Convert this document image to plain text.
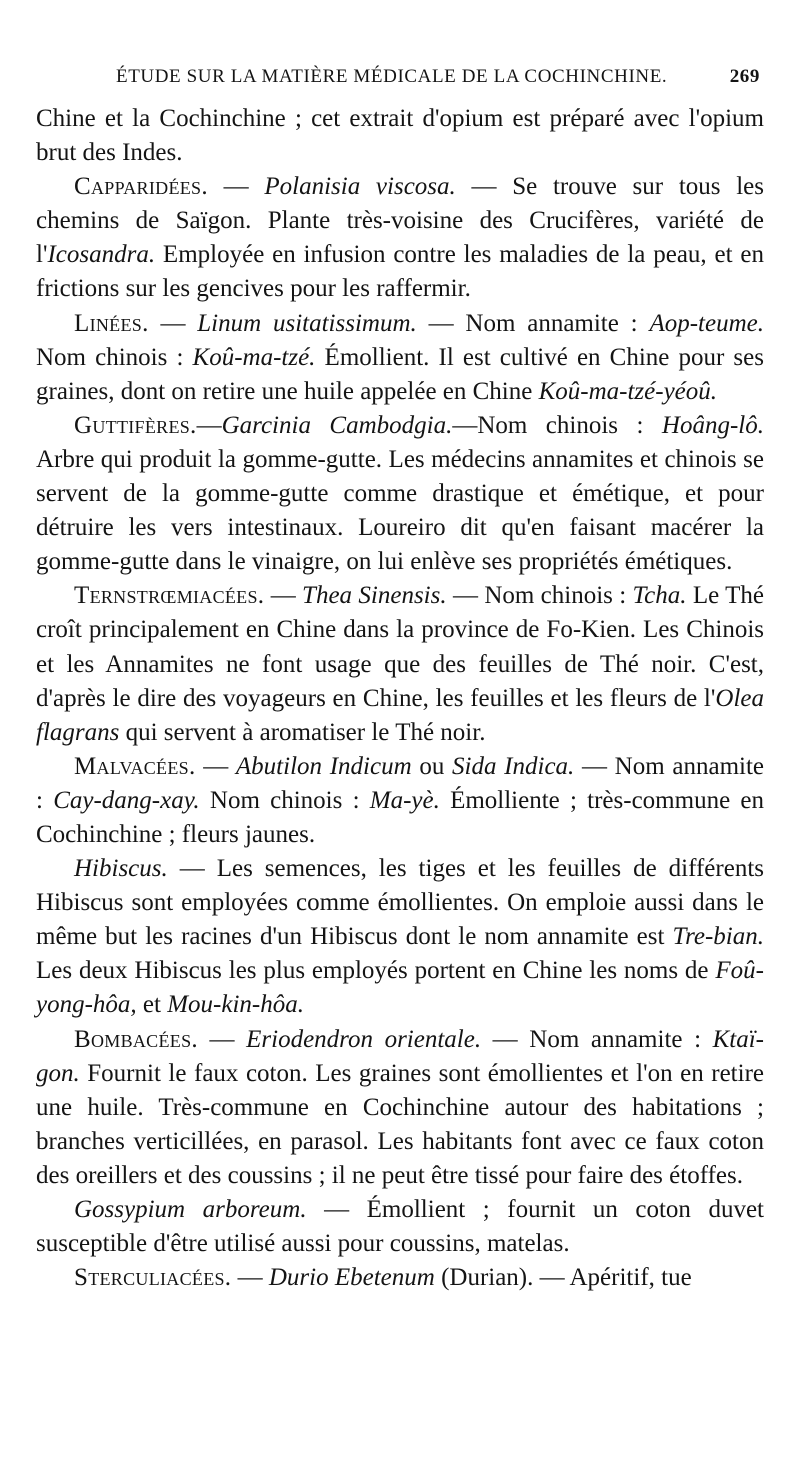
ÉTUDE SUR LA MATIÈRE MÉDICALE DE LA COCHINCHINE.	269

Chine et la Cochinchine ; cet extrait d'opium est préparé avec l'opium brut des Indes.

Capparidées. — Polanisia viscosa. — Se trouve sur tous les chemins de Saïgon. Plante très-voisine des Crucifères, variété de l'Icosandra. Employée en infusion contre les maladies de la peau, et en frictions sur les gencives pour les raffermir.

Linées. — Linum usitatissimum. — Nom annamite : Aop-teume. Nom chinois : Koû-ma-tzé. Émollient. Il est cultivé en Chine pour ses graines, dont on retire une huile appelée en Chine Koû-ma-tzé-yéoû.

Guttifères.—Garcinia Cambodgia.—Nom chinois : Hoâng-lô. Arbre qui produit la gomme-gutte. Les médecins annamites et chinois se servent de la gomme-gutte comme drastique et émétique, et pour détruire les vers intestinaux. Loureiro dit qu'en faisant macérer la gomme-gutte dans le vinaigre, on lui enlève ses propriétés émétiques.

Ternstrœmiacées. — Thea Sinensis. — Nom chinois : Tcha. Le Thé croît principalement en Chine dans la province de Fo-Kien. Les Chinois et les Annamites ne font usage que des feuilles de Thé noir. C'est, d'après le dire des voyageurs en Chine, les feuilles et les fleurs de l'Olea flagrans qui servent à aromatiser le Thé noir.

Malvacées. — Abutilon Indicum ou Sida Indica. — Nom annamite : Cay-dang-xay. Nom chinois : Ma-yè. Émolliente ; très-commune en Cochinchine ; fleurs jaunes.

Hibiscus. — Les semences, les tiges et les feuilles de différents Hibiscus sont employées comme émollientes. On emploie aussi dans le même but les racines d'un Hibiscus dont le nom annamite est Tre-bian. Les deux Hibiscus les plus employés portent en Chine les noms de Foû-yong-hôa, et Mou-kin-hôa.

Bombacées. — Eriodendron orientale. — Nom annamite : Ktaï-gon. Fournit le faux coton. Les graines sont émollientes et l'on en retire une huile. Très-commune en Cochinchine autour des habitations ; branches verticillées, en parasol. Les habitants font avec ce faux coton des oreillers et des coussins ; il ne peut être tissé pour faire des étoffes.

Gossypium arboreum. — Émollient ; fournit un coton duvet susceptible d'être utilisé aussi pour coussins, matelas.

Sterculiacées. — Durio Ebetenum (Durian). — Apéritif, tue
